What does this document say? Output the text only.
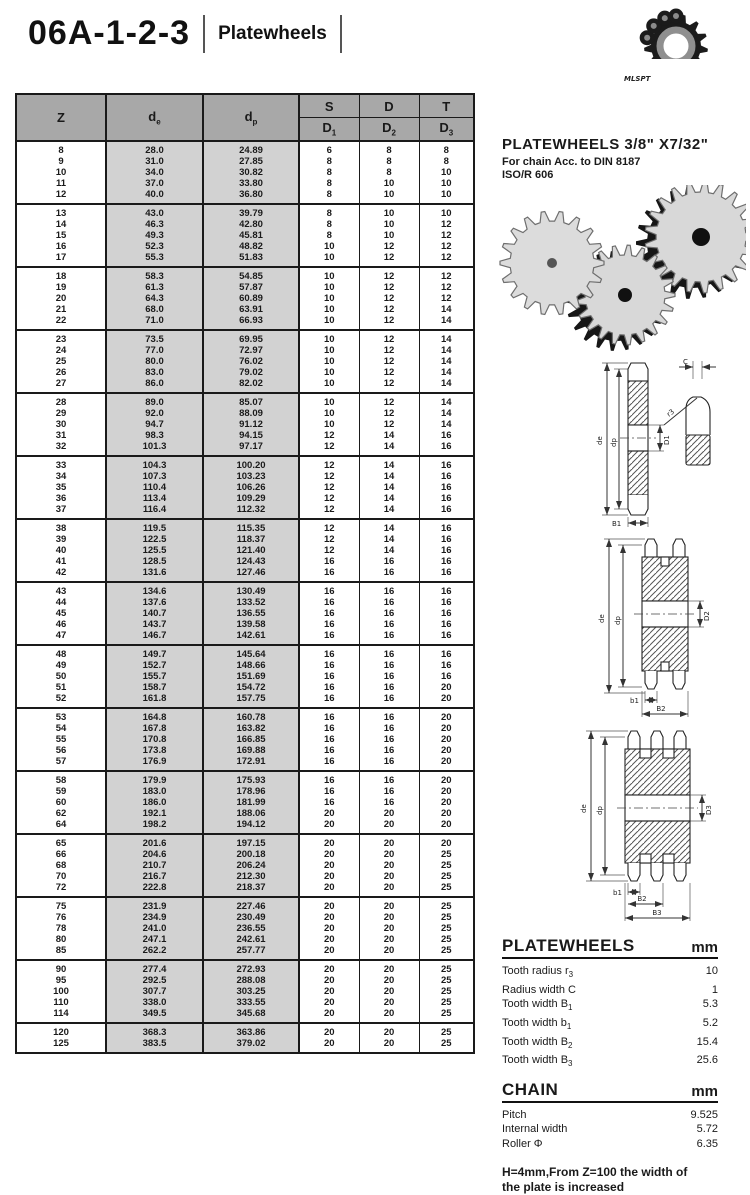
06A-1-2-3 Platewheels
MLSPT
Z	$d_e$	$d_p$	S	D	T
			$D_1$	$D_2$	$D_3$
8	28.0	24.89	6	8	8
9	31.0	27.85	8	8	8
10	34.0	30.82	8	8	10
11	37.0	33.80	8	10	10
12	40.0	36.80	8	10	10
13	43.0	39.79	8	10	10
14	46.3	42.80	8	10	12
15	49.3	45.81	8	10	12
16	52.3	48.82	10	12	12
17	55.3	51.83	10	12	12
18	58.3	54.85	10	12	12
19	61.3	57.87	10	12	12
20	64.3	60.89	10	12	12
21	68.0	63.91	10	12	14
22	71.0	66.93	10	12	14
23	73.5	69.95	10	12	14
24	77.0	72.97	10	12	14
25	80.0	76.02	10	12	14
26	83.0	79.02	10	12	14
27	86.0	82.02	10	12	14
28	89.0	85.07	10	12	14
29	92.0	88.09	10	12	14
30	94.7	91.12	10	12	14
31	98.3	94.15	12	14	16
32	101.3	97.17	12	14	16
33	104.3	100.20	12	14	16
34	107.3	103.23	12	14	16
35	110.4	106.26	12	14	16
36	113.4	109.29	12	14	16
37	116.4	112.32	12	14	16
38	119.5	115.35	12	14	16
39	122.5	118.37	12	14	16
40	125.5	121.40	12	14	16
41	128.5	124.43	16	16	16
42	131.6	127.46	16	16	16
43	134.6	130.49	16	16	16
44	137.6	133.52	16	16	16
45	140.7	136.55	16	16	16
46	143.7	139.58	16	16	16
47	146.7	142.61	16	16	16
48	149.7	145.64	16	16	16
49	152.7	148.66	16	16	16
50	155.7	151.69	16	16	16
51	158.7	154.72	16	16	20
52	161.8	157.75	16	16	20
53	164.8	160.78	16	16	20
54	167.8	163.82	16	16	20
55	170.8	166.85	16	16	20
56	173.8	169.88	16	16	20
57	176.9	172.91	16	16	20
58	179.9	175.93	16	16	20
59	183.0	178.96	16	16	20
60	186.0	181.99	16	16	20
62	192.1	188.06	20	20	20
64	198.2	194.12	20	20	20
65	201.6	197.15	20	20	20
66	204.6	200.18	20	20	25
68	210.7	206.24	20	20	25
70	216.7	212.30	20	20	25
72	222.8	218.37	20	20	25
75	231.9	227.46	20	20	25
76	234.9	230.49	20	20	25
78	241.0	236.55	20	20	25
80	247.1	242.61	20	20	25
85	262.2	257.77	20	20	25
90	277.4	272.93	20	20	25
95	292.5	288.08	20	20	25
100	307.7	303.25	20	20	25
110	338.0	333.55	20	20	25
114	349.5	345.68	20	20	25
120	368.3	363.86	20	20	25
125	383.5	379.02	20	20	25
PLATEWHEELS 3/8" X7/32"
For chain Acc. to DIN 8187
ISO/R 606
de dp	D1
B1
C
r3
de dp	D2
b1
B2
de dp	D3
b1
B2
B3
PLATEWHEELS	mm
Tooth radius $r_3$	10
Radius width C	1
Tooth width $B_1$	5.3
Tooth width $b_1$	5.2
Tooth width $B_2$	15.4
Tooth width $B_3$	25.6
CHAIN	mm
Pitch	9.525
Internal width	5.72
Roller Φ	6.35
H=4mm,From Z=100 the width of the plate is increased
